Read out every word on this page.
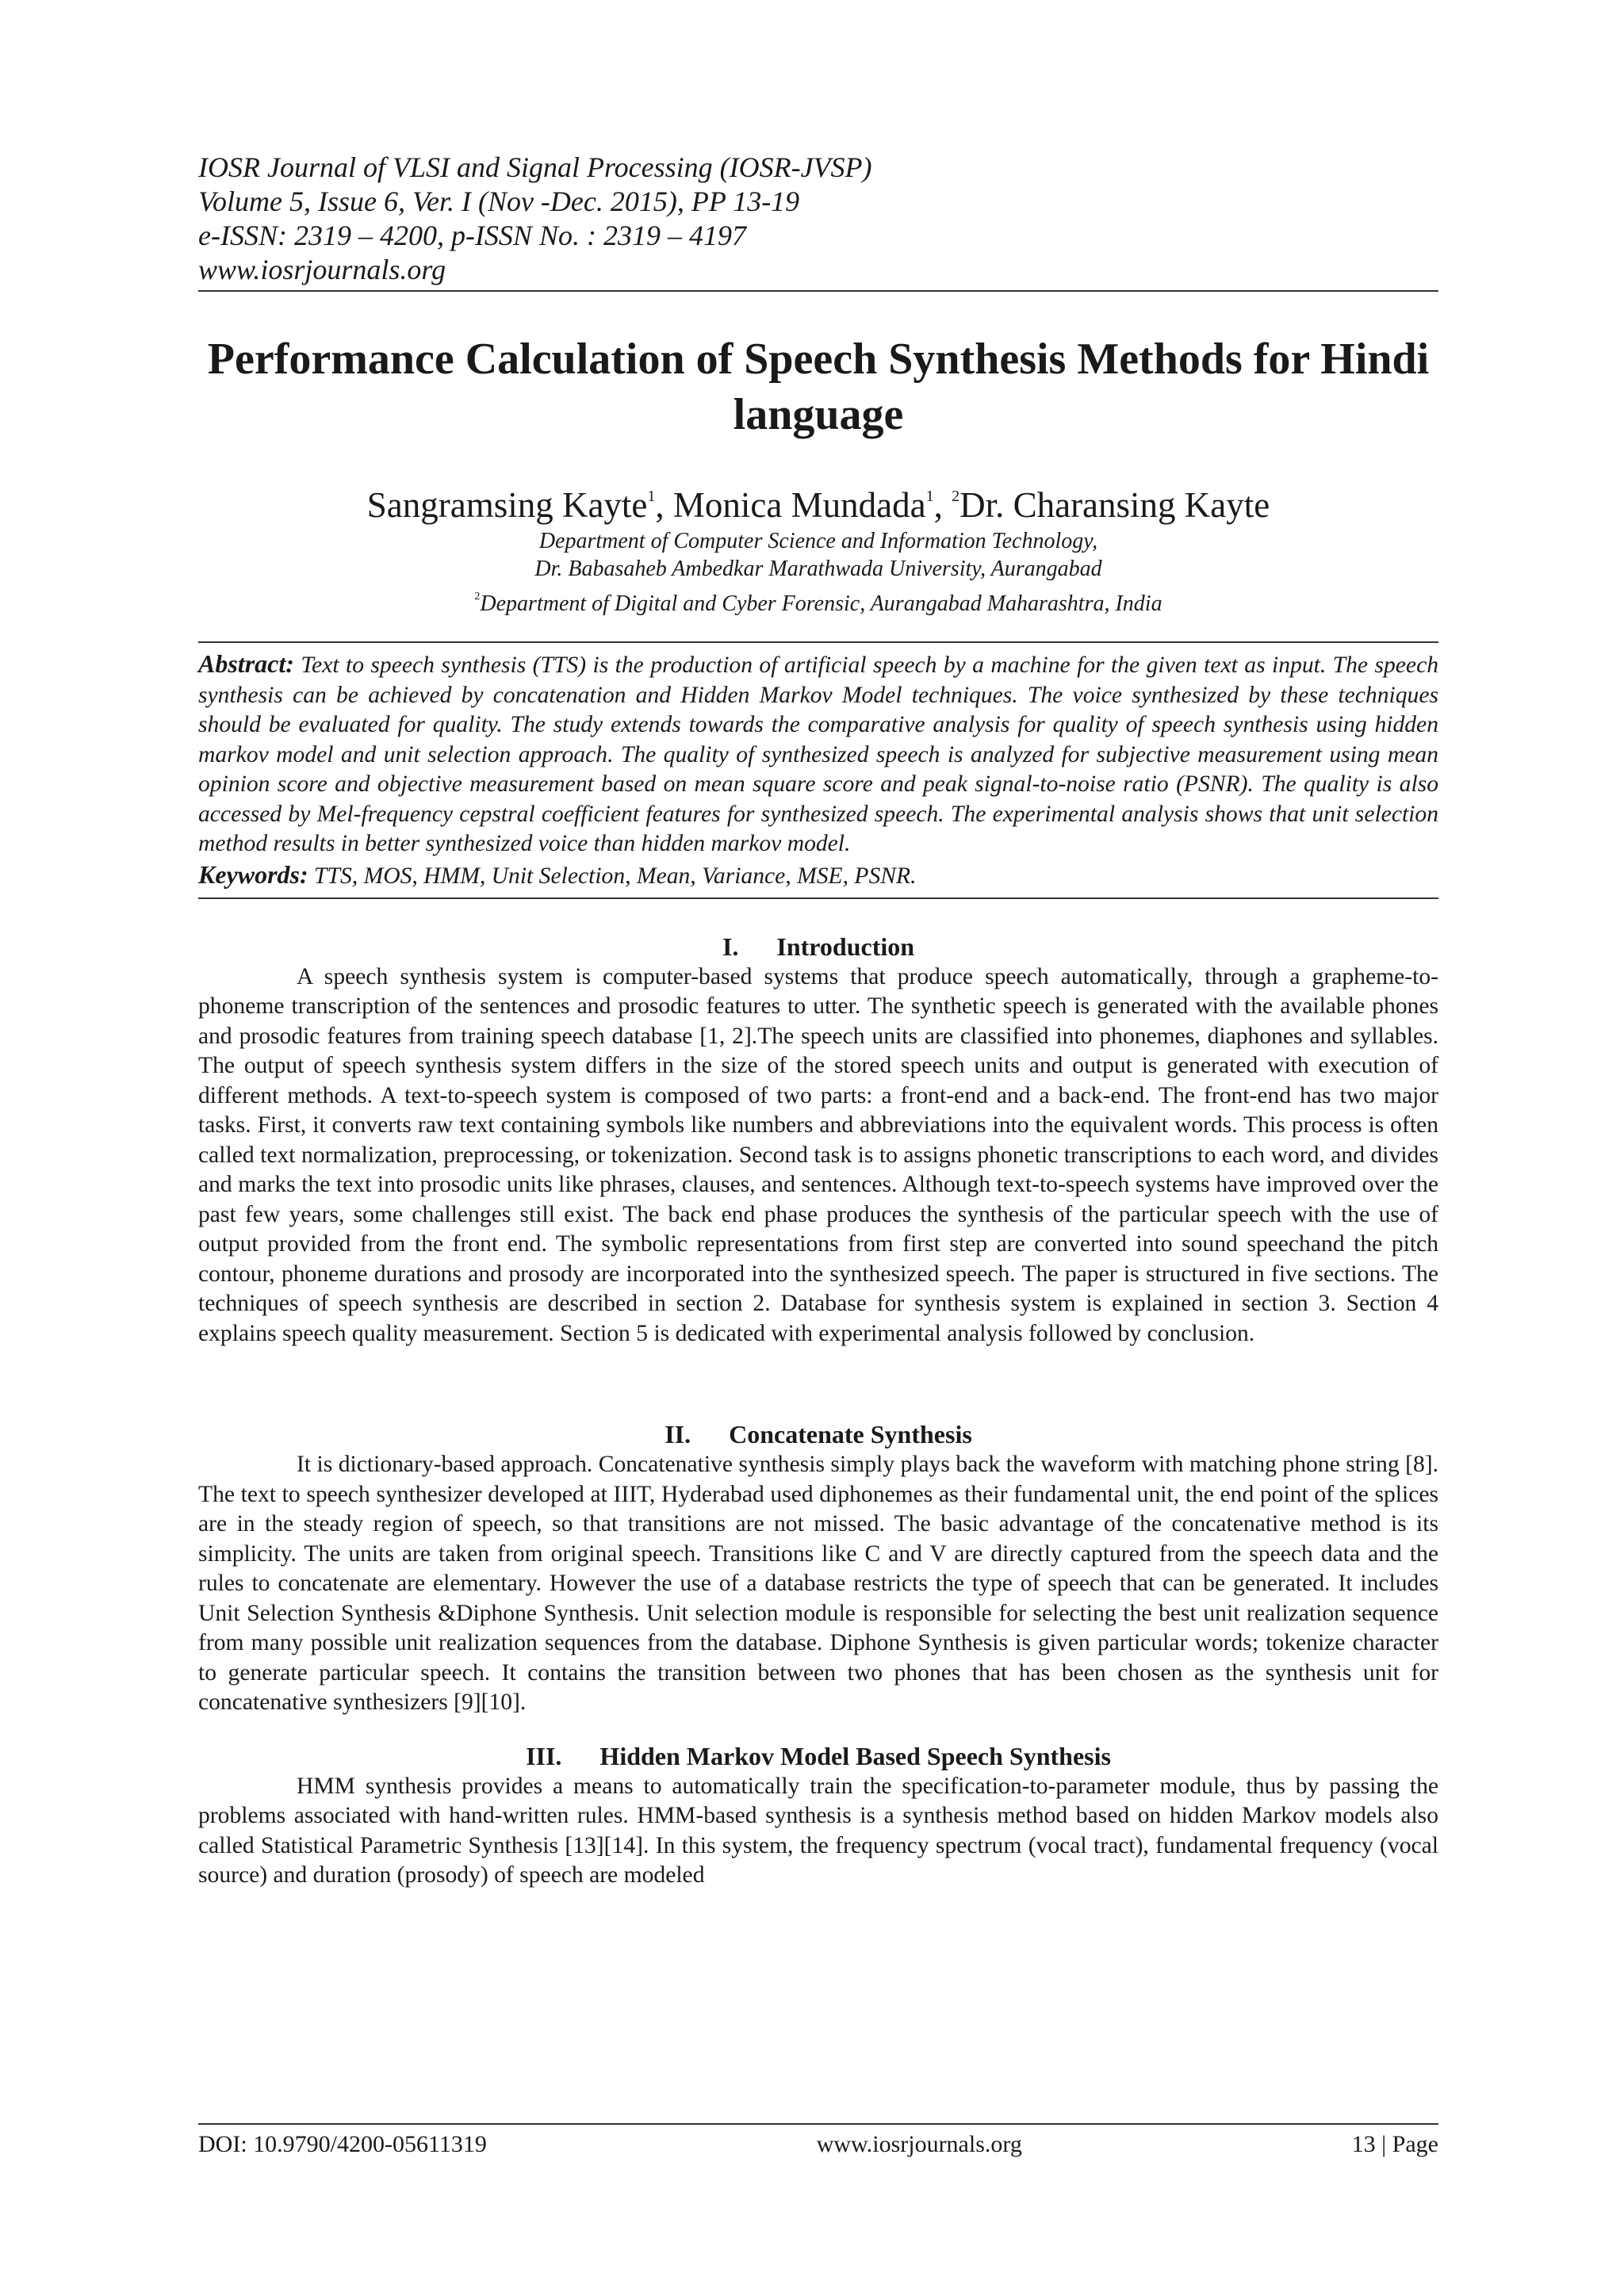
IOSR Journal of VLSI and Signal Processing (IOSR-JVSP)
Volume 5, Issue 6, Ver. I (Nov -Dec. 2015), PP 13-19
e-ISSN: 2319 – 4200, p-ISSN No. : 2319 – 4197
www.iosrjournals.org
Performance Calculation of Speech Synthesis Methods for Hindi language
Sangramsing Kayte$^1$, Monica Mundada$^1$, $^2$Dr. Charansing Kayte
Department of Computer Science and Information Technology,
Dr. Babasaheb Ambedkar Marathwada University, Aurangabad
$^2$Department of Digital and Cyber Forensic, Aurangabad Maharashtra, India
Abstract: Text to speech synthesis (TTS) is the production of artificial speech by a machine for the given text as input. The speech synthesis can be achieved by concatenation and Hidden Markov Model techniques. The voice synthesized by these techniques should be evaluated for quality. The study extends towards the comparative analysis for quality of speech synthesis using hidden markov model and unit selection approach. The quality of synthesized speech is analyzed for subjective measurement using mean opinion score and objective measurement based on mean square score and peak signal-to-noise ratio (PSNR). The quality is also accessed by Mel-frequency cepstral coefficient features for synthesized speech. The experimental analysis shows that unit selection method results in better synthesized voice than hidden markov model.
Keywords: TTS, MOS, HMM, Unit Selection, Mean, Variance, MSE, PSNR.
I. Introduction

A speech synthesis system is computer-based systems that produce speech automatically, through a grapheme-to-phoneme transcription of the sentences and prosodic features to utter. The synthetic speech is generated with the available phones and prosodic features from training speech database [1, 2].The speech units are classified into phonemes, diaphones and syllables. The output of speech synthesis system differs in the size of the stored speech units and output is generated with execution of different methods. A text-to-speech system is composed of two parts: a front-end and a back-end. The front-end has two major tasks. First, it converts raw text containing symbols like numbers and abbreviations into the equivalent words. This process is often called text normalization, preprocessing, or tokenization. Second task is to assigns phonetic transcriptions to each word, and divides and marks the text into prosodic units like phrases, clauses, and sentences. Although text-to-speech systems have improved over the past few years, some challenges still exist. The back end phase produces the synthesis of the particular speech with the use of output provided from the front end. The symbolic representations from first step are converted into sound speechand the pitch contour, phoneme durations and prosody are incorporated into the synthesized speech. The paper is structured in five sections. The techniques of speech synthesis are described in section 2. Database for synthesis system is explained in section 3. Section 4 explains speech quality measurement. Section 5 is dedicated with experimental analysis followed by conclusion.

II. Concatenate Synthesis

It is dictionary-based approach. Concatenative synthesis simply plays back the waveform with matching phone string [8]. The text to speech synthesizer developed at IIIT, Hyderabad used diphonemes as their fundamental unit, the end point of the splices are in the steady region of speech, so that transitions are not missed. The basic advantage of the concatenative method is its simplicity. The units are taken from original speech. Transitions like C and V are directly captured from the speech data and the rules to concatenate are elementary. However the use of a database restricts the type of speech that can be generated. It includes Unit Selection Synthesis &Diphone Synthesis. Unit selection module is responsible for selecting the best unit realization sequence from many possible unit realization sequences from the database. Diphone Synthesis is given particular words; tokenize character to generate particular speech. It contains the transition between two phones that has been chosen as the synthesis unit for concatenative synthesizers [9][10].

III. Hidden Markov Model Based Speech Synthesis

HMM synthesis provides a means to automatically train the specification-to-parameter module, thus by passing the problems associated with hand-written rules. HMM-based synthesis is a synthesis method based on hidden Markov models also called Statistical Parametric Synthesis [13][14]. In this system, the frequency spectrum (vocal tract), fundamental frequency (vocal source) and duration (prosody) of speech are modeled

DOI: 10.9790/4200-05611319	www.iosrjournals.org	13 | Page
